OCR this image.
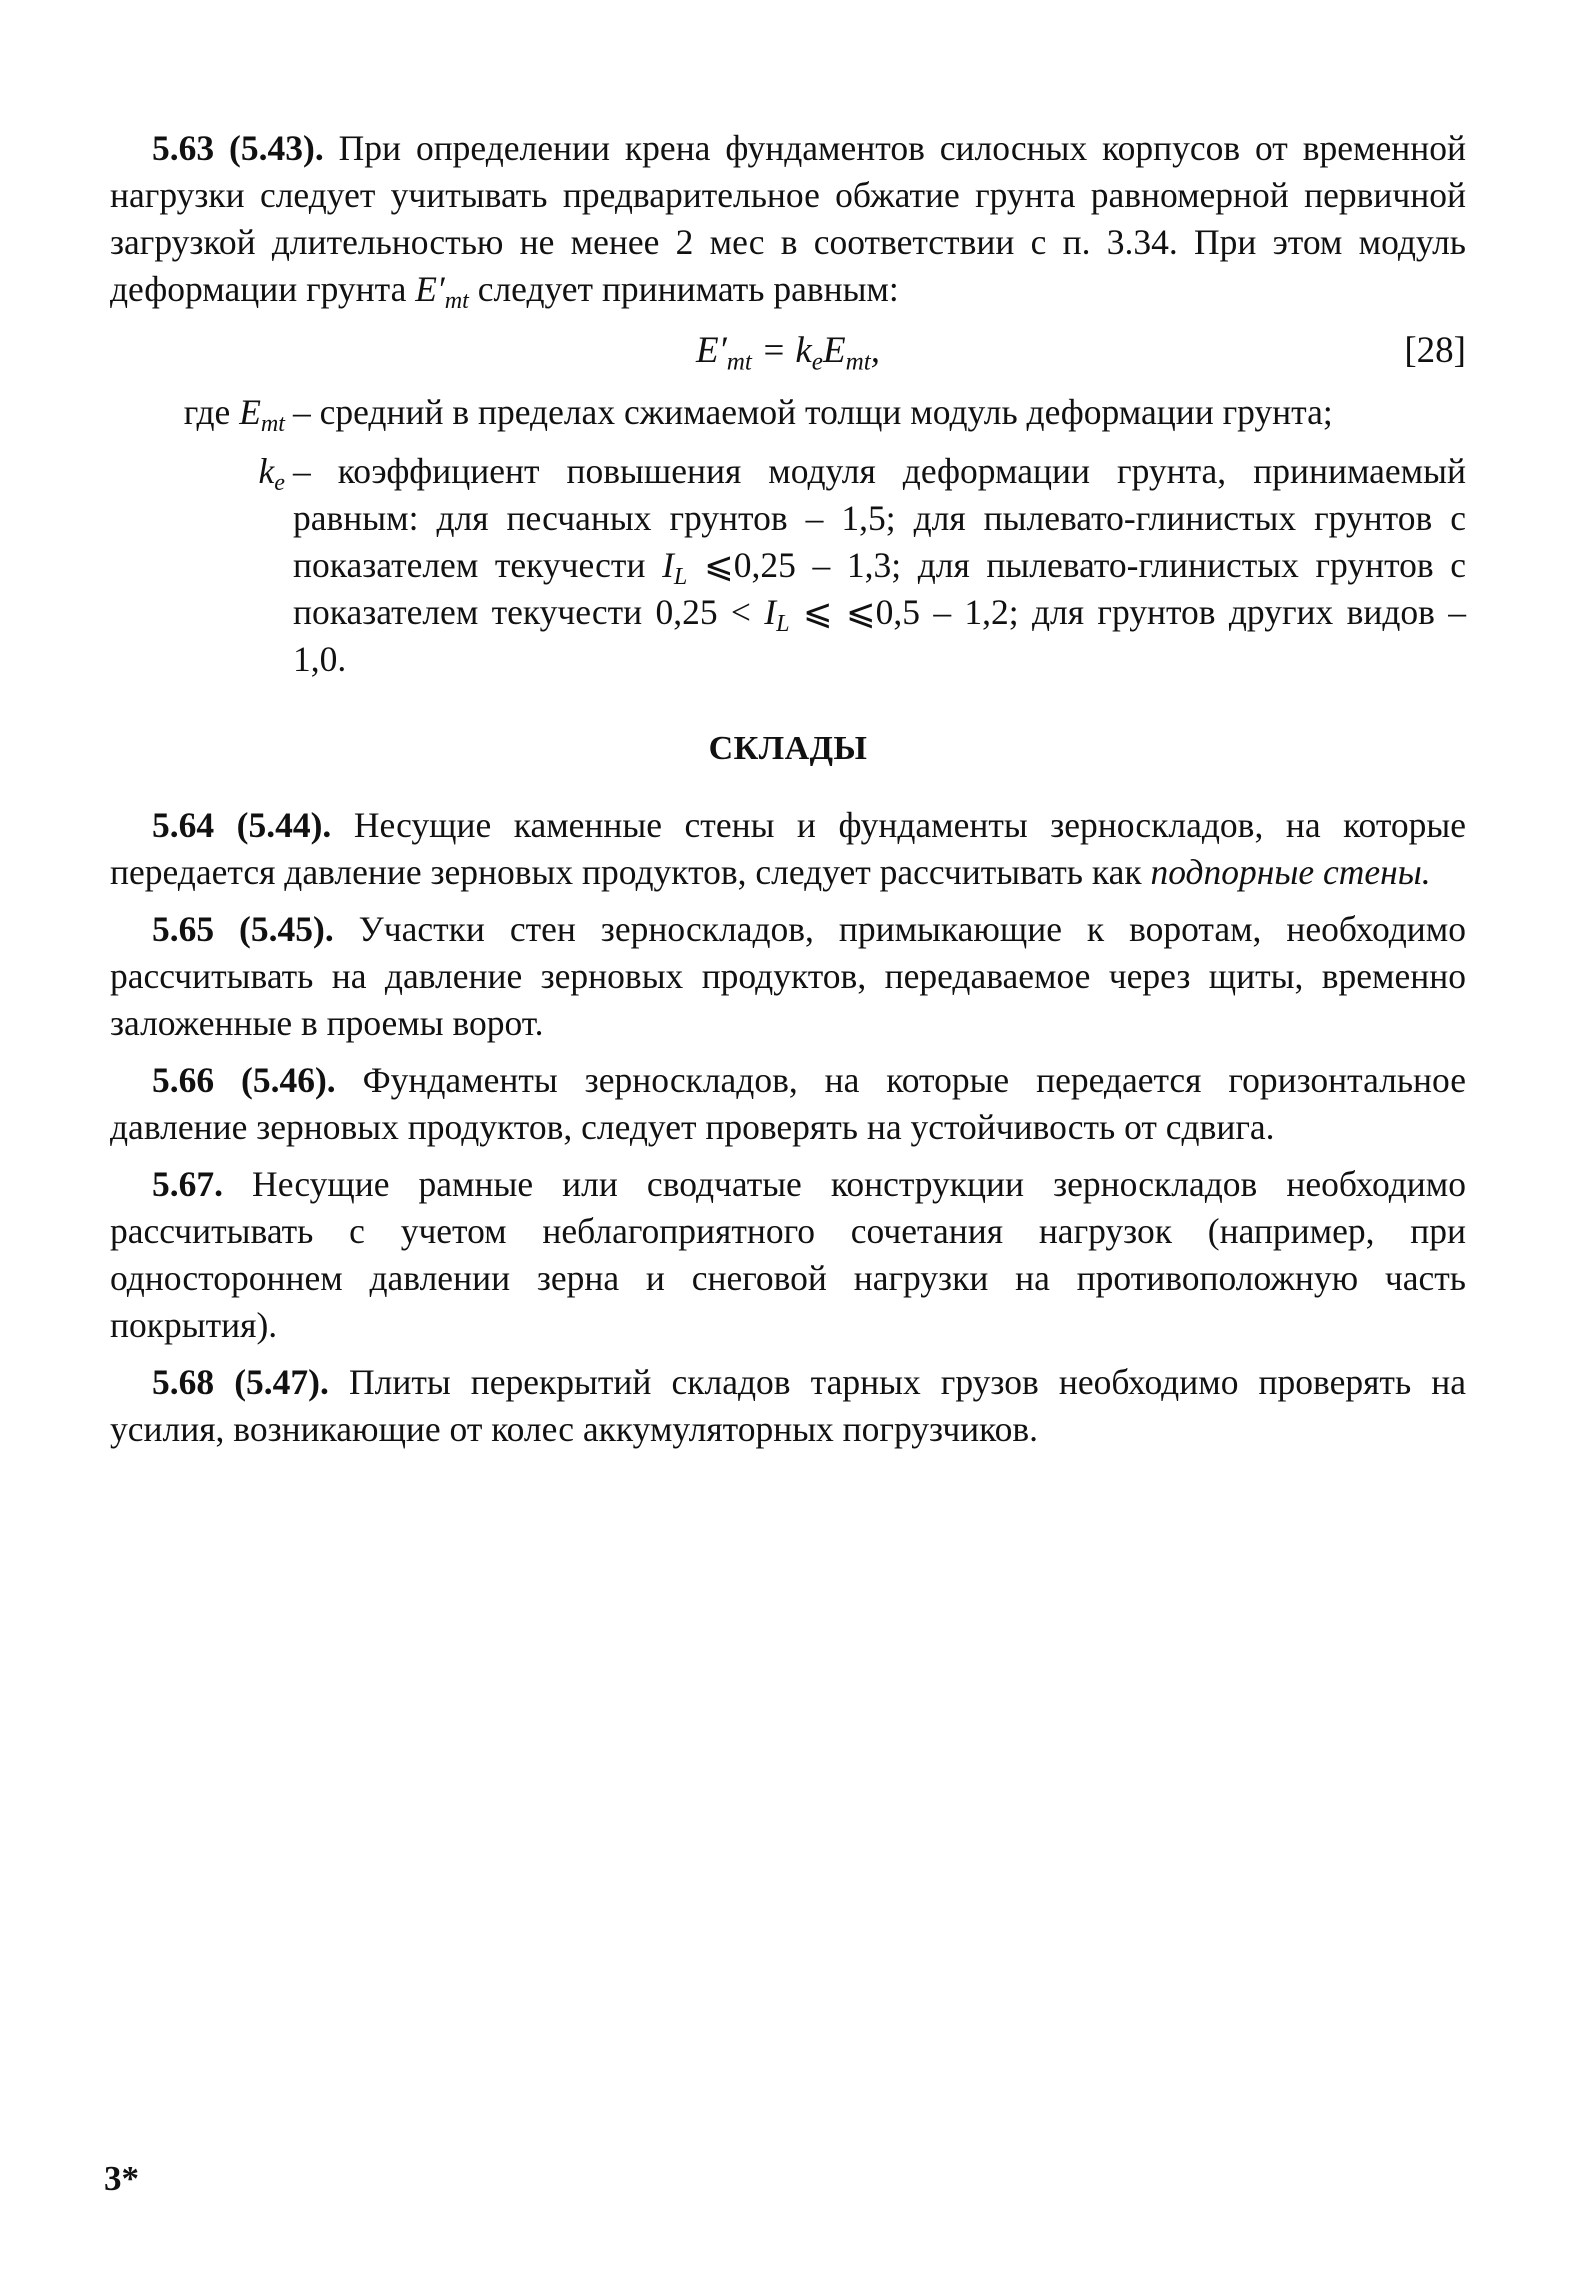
5.63 (5.43). При определении крена фундаментов силосных корпусов от временной нагрузки следует учитывать предварительное обжатие грунта равномерной первичной загрузкой длительностью не менее 2 мес в соответствии с п. 3.34. При этом модуль деформации грунта $E'_{mt}$ следует принимать равным:

$E'_{mt} = k_eE_{mt}$,	[28]
где $E_{mt}$ – средний в пределах сжимаемой толщи модуль деформации грунта;
$k_e$ – коэффициент повышения модуля деформации грунта, принимаемый равным: для песчаных грунтов – 1,5; для пылевато-глинистых грунтов с показателем текучести $I_L$ ⩽0,25 – 1,3; для пылевато-глинистых грунтов с показателем текучести $0,25 < I_L$ ⩽ ⩽0,5 – 1,2; для грунтов других видов – 1,0.
СКЛАДЫ

5.64 (5.44). Несущие каменные стены и фундаменты зерноскладов, на которые передается давление зерновых продуктов, следует рассчитывать как подпорные стены.

5.65 (5.45). Участки стен зерноскладов, примыкающие к воротам, необходимо рассчитывать на давление зерновых продуктов, передаваемое через щиты, временно заложенные в проемы ворот.

5.66 (5.46). Фундаменты зерноскладов, на которые передается горизонтальное давление зерновых продуктов, следует проверять на устойчивость от сдвига.

5.67. Несущие рамные или сводчатые конструкции зерноскладов необходимо рассчитывать с учетом неблагоприятного сочетания нагрузок (например, при одностороннем давлении зерна и снеговой нагрузки на противоположную часть покрытия).

5.68 (5.47). Плиты перекрытий складов тарных грузов необходимо проверять на усилия, возникающие от колес аккумуляторных погрузчиков.

3*
